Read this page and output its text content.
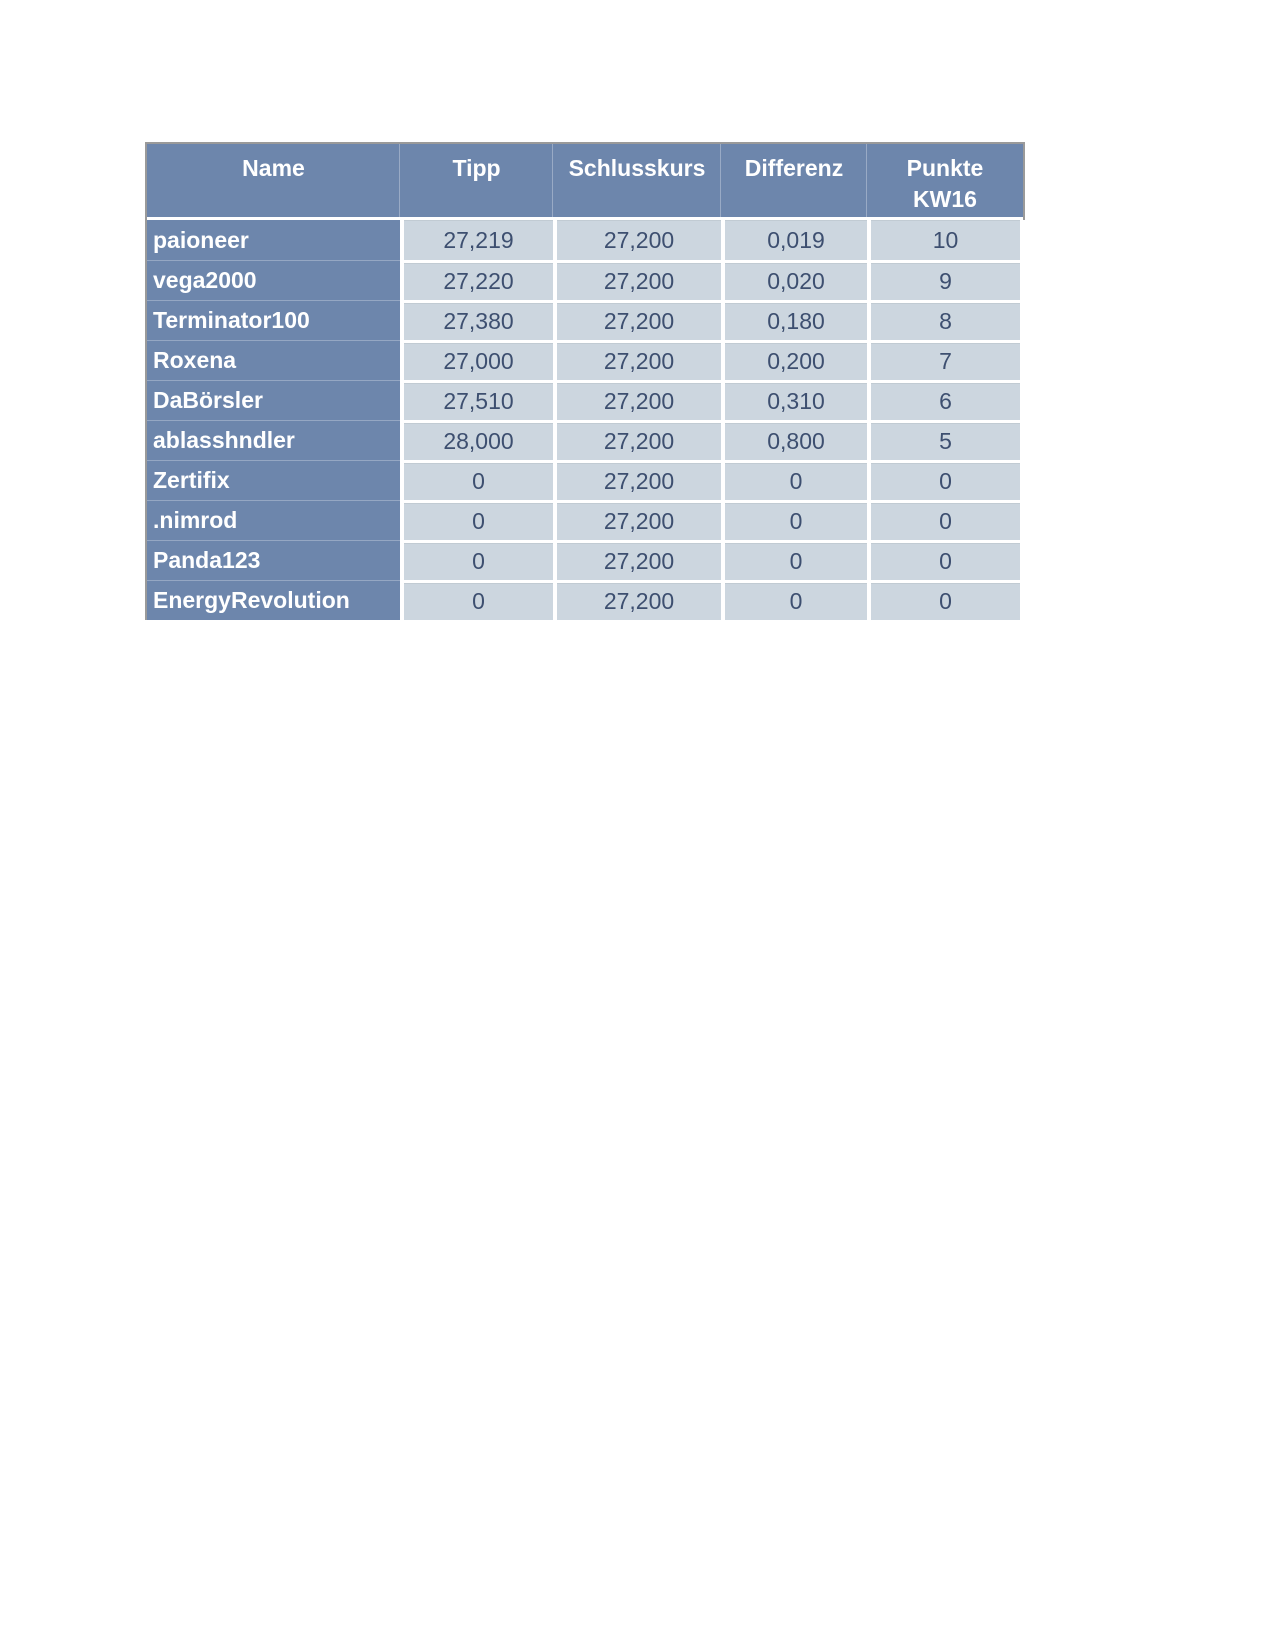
Name	Tipp	Schlusskurs	Differenz	Punkte
KW16
paioneer	27,219	27,200	0,019	10
vega2000	27,220	27,200	0,020	9
Terminator100	27,380	27,200	0,180	8
Roxena	27,000	27,200	0,200	7
DaBörsler	27,510	27,200	0,310	6
ablasshndler	28,000	27,200	0,800	5
Zertifix	0	27,200	0	0
.nimrod	0	27,200	0	0
Panda123	0	27,200	0	0
EnergyRevolution	0	27,200	0	0
